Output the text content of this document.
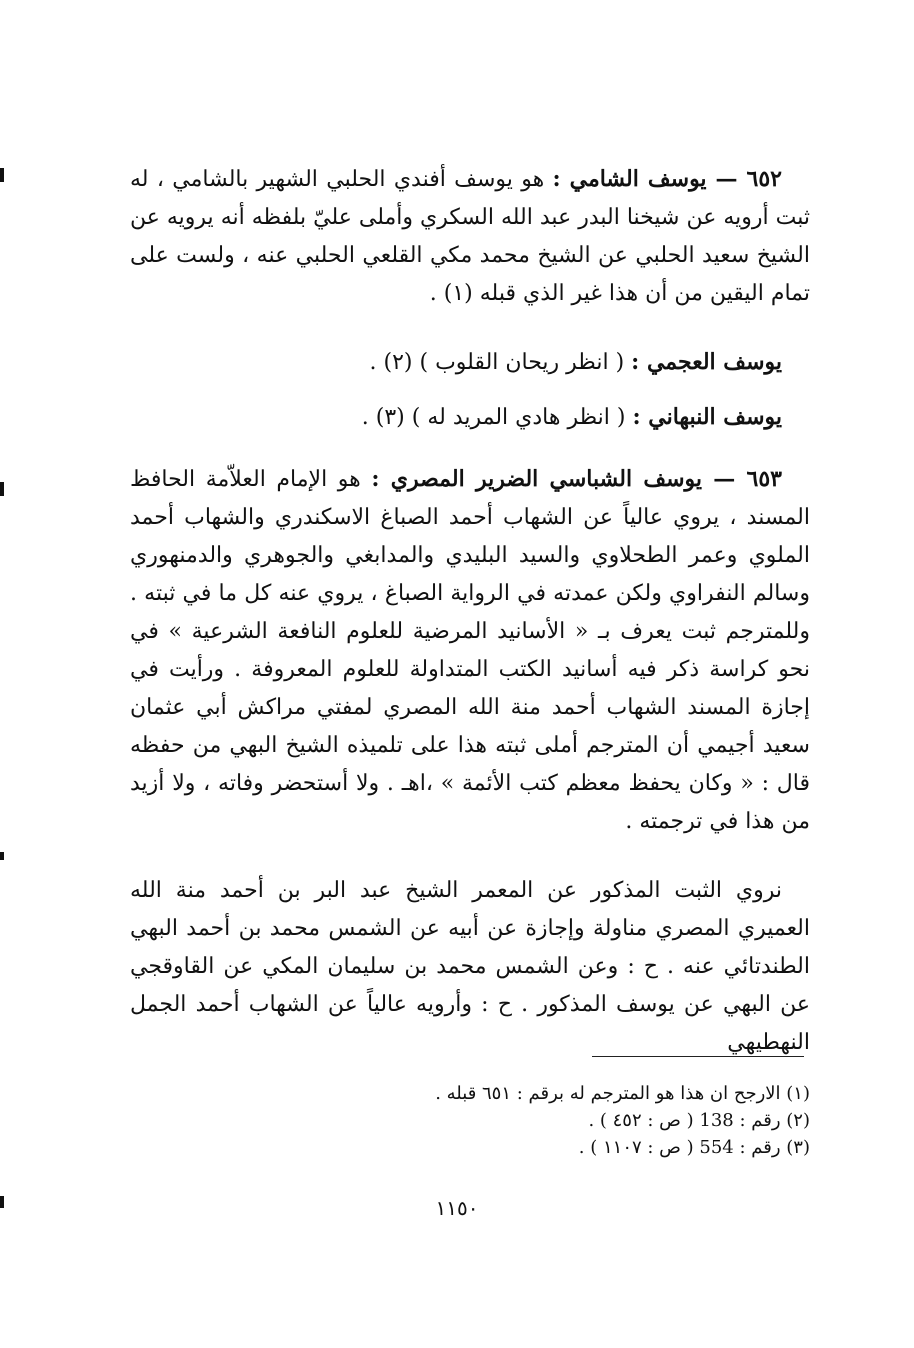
٦٥٢ — يوسف الشامي : هو يوسف أفندي الحلبي الشهير بالشامي ، له ثبت أرويه عن شيخنا البدر عبد الله السكري وأملى عليّ بلفظه أنه يرويه عن الشيخ سعيد الحلبي عن الشيخ محمد مكي القلعي الحلبي عنه ، ولست على تمام اليقين من أن هذا غير الذي قبله (١) .

يوسف العجمي : ( انظر ريحان القلوب ) (٢) .

يوسف النبهاني : ( انظر هادي المريد له ) (٣) .

٦٥٣ — يوسف الشباسي الضرير المصري : هو الإمام العلاّمة الحافظ المسند ، يروي عالياً عن الشهاب أحمد الصباغ الاسكندري والشهاب أحمد الملوي وعمر الطحلاوي والسيد البليدي والمدابغي والجوهري والدمنهوري وسالم النفراوي ولكن عمدته في الرواية الصباغ ، يروي عنه كل ما في ثبته . وللمترجم ثبت يعرف بـ « الأسانيد المرضية للعلوم النافعة الشرعية » في نحو كراسة ذكر فيه أسانيد الكتب المتداولة للعلوم المعروفة . ورأيت في إجازة المسند الشهاب أحمد منة الله المصري لمفتي مراكش أبي عثمان سعيد أجيمي أن المترجم أملى ثبته هذا على تلميذه الشيخ البهي من حفظه قال : « وكان يحفظ معظم كتب الأئمة » ،اهـ . ولا أستحضر وفاته ، ولا أزيد من هذا في ترجمته .

نروي الثبت المذكور عن المعمر الشيخ عبد البر بن أحمد منة الله العميري المصري مناولة وإجازة عن أبيه عن الشمس محمد بن أحمد البهي الطندتائي عنه . ح : وعن الشمس محمد بن سليمان المكي عن القاوقجي عن البهي عن يوسف المذكور . ح : وأرويه عالياً عن الشهاب أحمد الجمل النهطيهي

(١) الارجح ان هذا هو المترجم له برقم : ٦٥١ قبله .
(٢) رقم : 138 ( ص : ٤٥٢ ) .
(٣) رقم : 554 ( ص : ١١٠٧ ) .
١١٥٠
